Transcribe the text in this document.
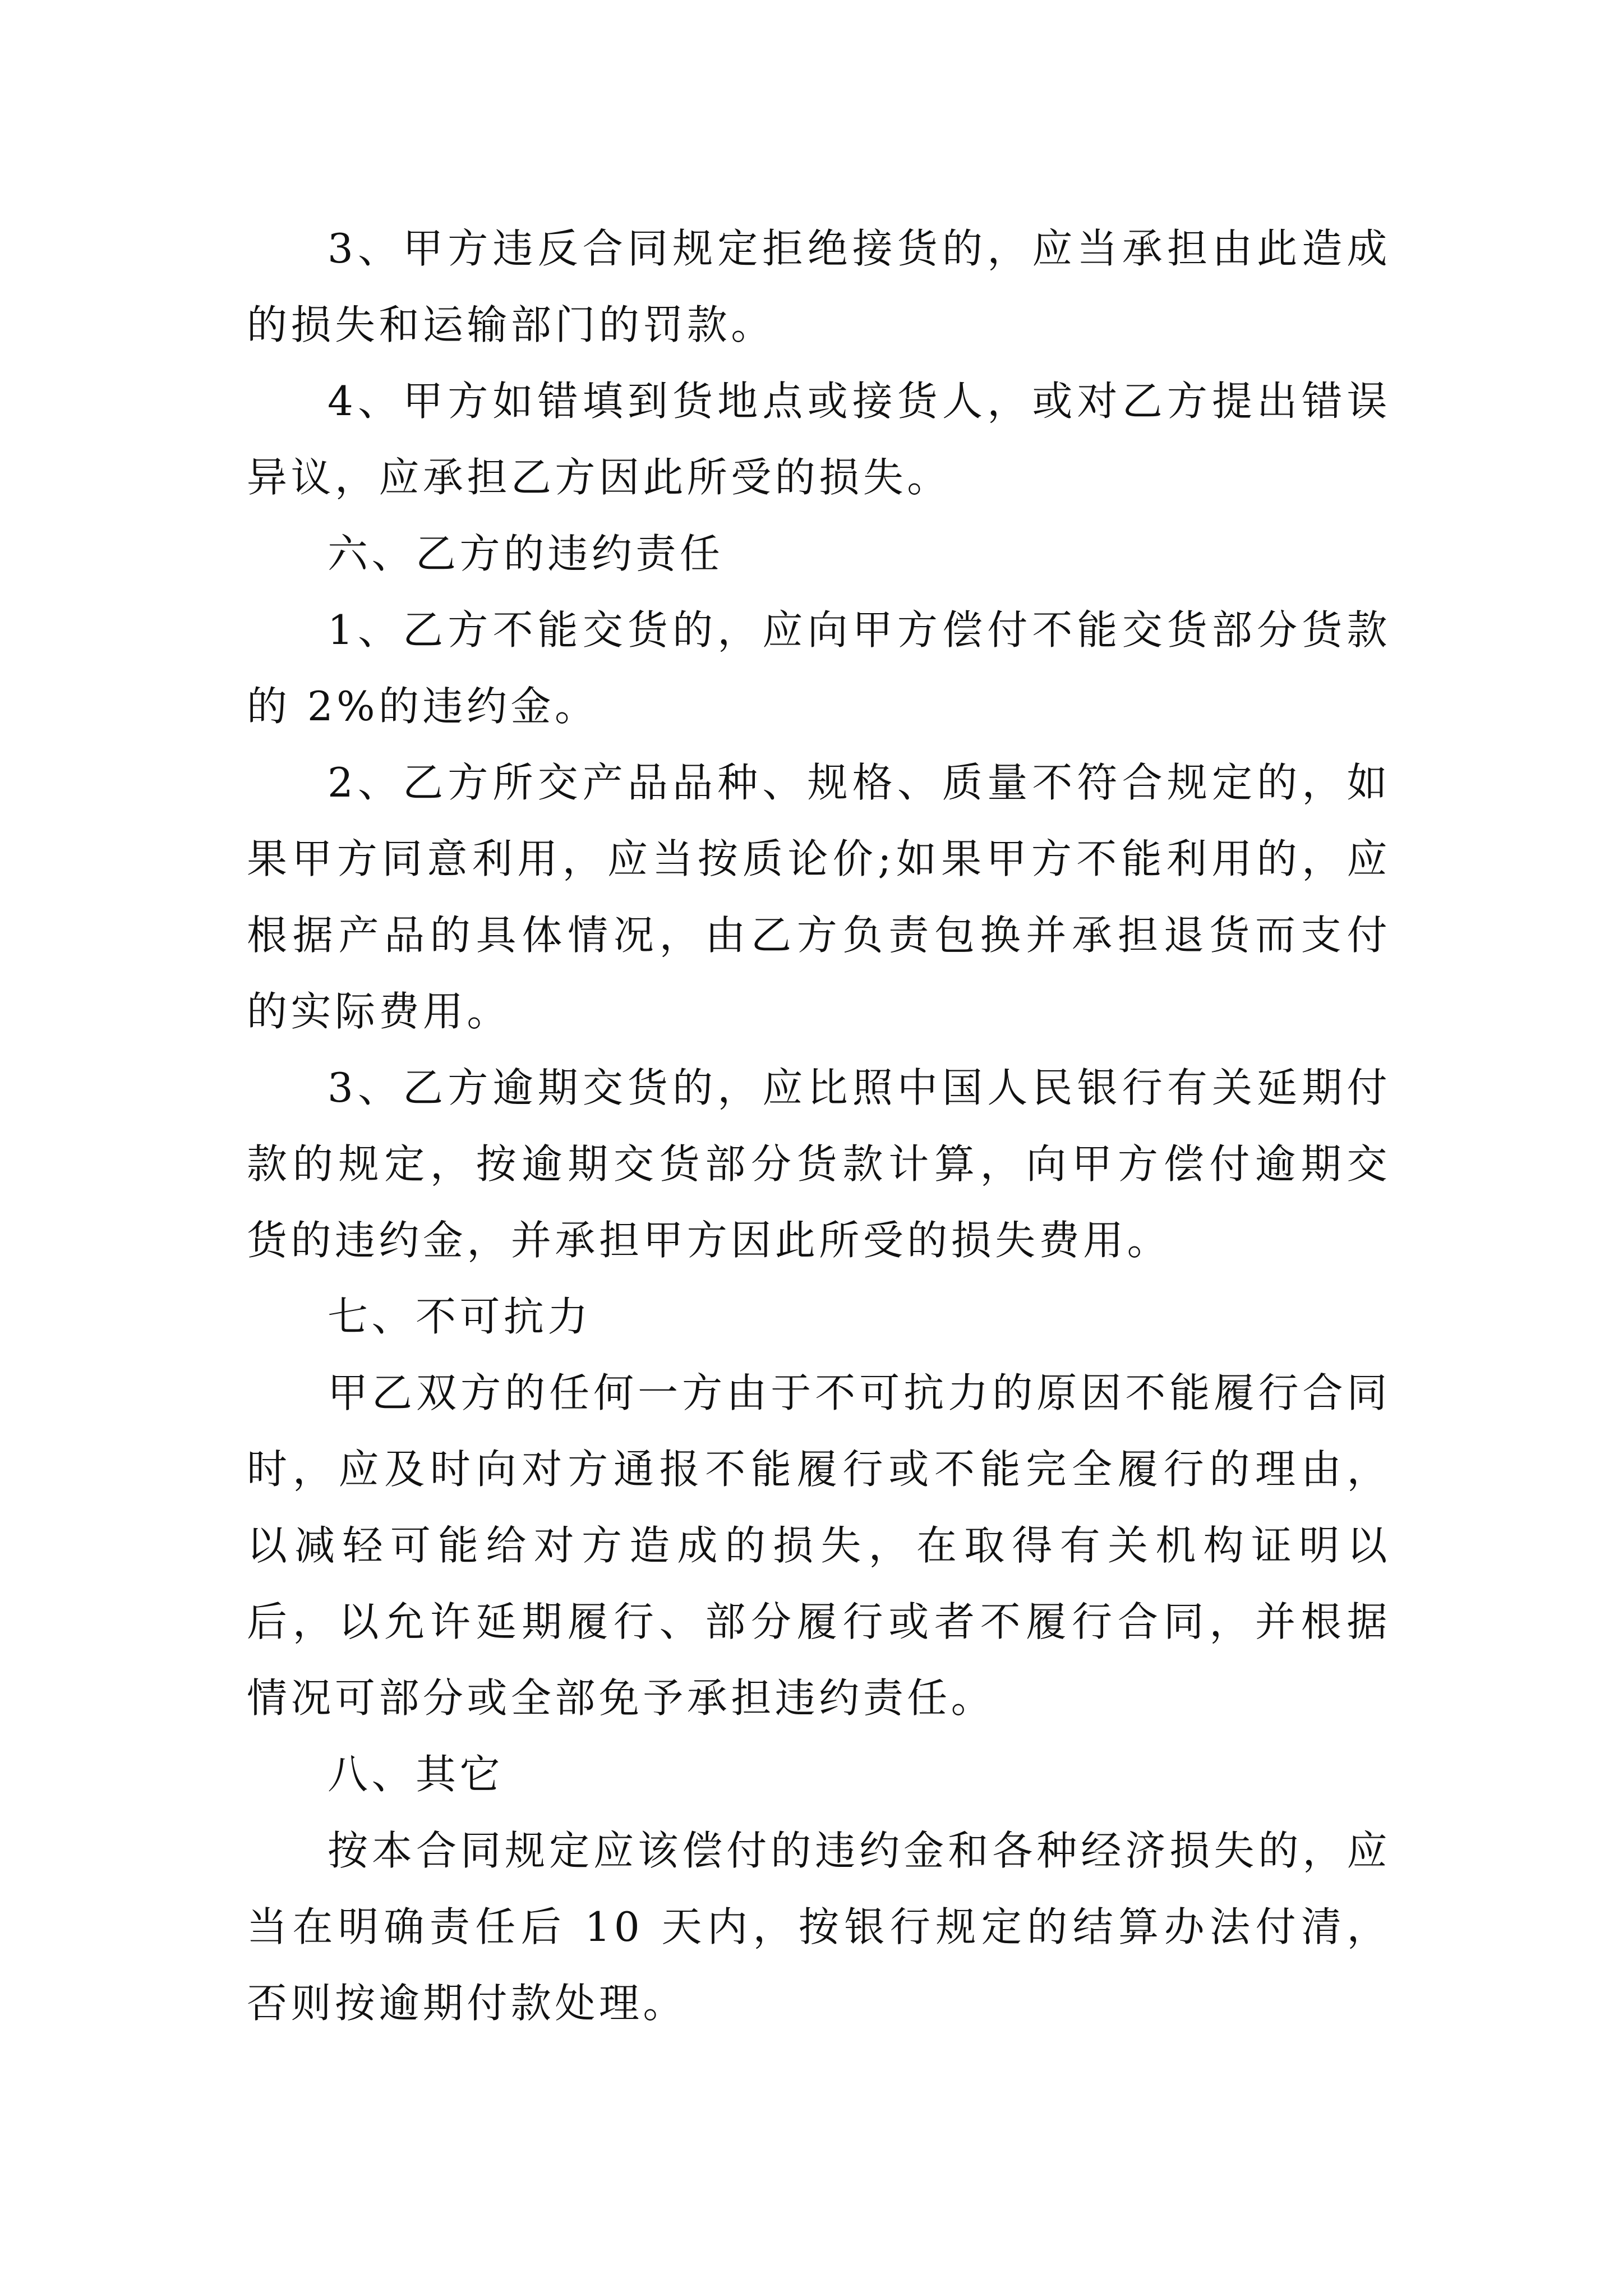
3、甲方违反合同规定拒绝接货的，应当承担由此造成的损失和运输部门的罚款。

4、甲方如错填到货地点或接货人，或对乙方提出错误异议，应承担乙方因此所受的损失。

六、乙方的违约责任

1、乙方不能交货的，应向甲方偿付不能交货部分货款的 2%的违约金。

2、乙方所交产品品种、规格、质量不符合规定的，如果甲方同意利用，应当按质论价;如果甲方不能利用的，应根据产品的具体情况，由乙方负责包换并承担退货而支付的实际费用。

3、乙方逾期交货的，应比照中国人民银行有关延期付款的规定，按逾期交货部分货款计算，向甲方偿付逾期交货的违约金，并承担甲方因此所受的损失费用。

七、不可抗力

甲乙双方的任何一方由于不可抗力的原因不能履行合同时，应及时向对方通报不能履行或不能完全履行的理由，以减轻可能给对方造成的损失，在取得有关机构证明以后，以允许延期履行、部分履行或者不履行合同，并根据情况可部分或全部免予承担违约责任。

八、其它

按本合同规定应该偿付的违约金和各种经济损失的，应当在明确责任后 10 天内，按银行规定的结算办法付清，否则按逾期付款处理。
